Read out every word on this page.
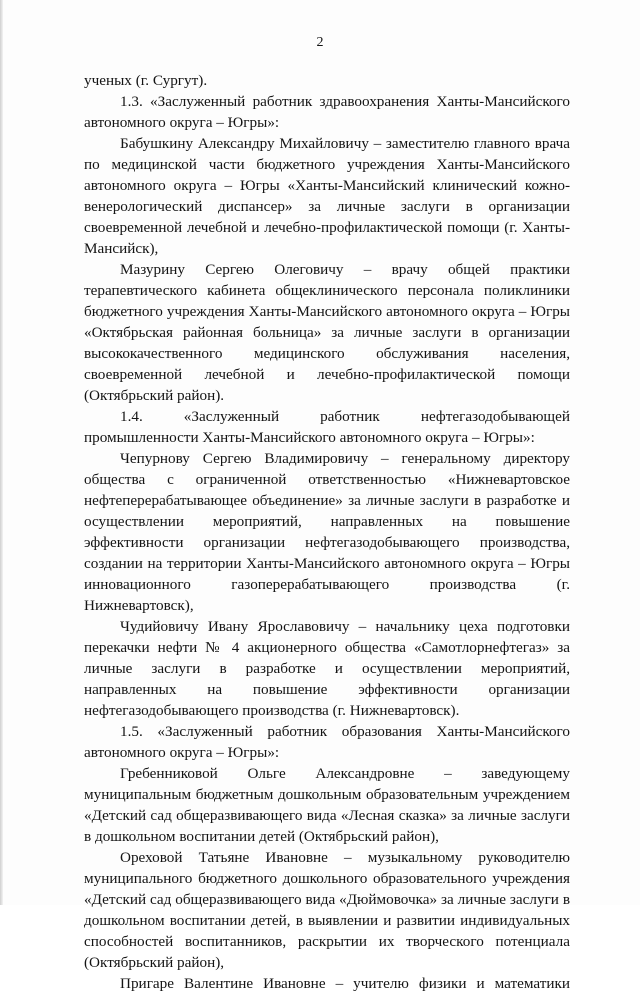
2

ученых (г. Сургут).

1.3. «Заслуженный работник здравоохранения Ханты-Мансийского автономного округа – Югры»:

Бабушкину Александру Михайловичу – заместителю главного врача по медицинской части бюджетного учреждения Ханты-Мансийского автономного округа – Югры «Ханты-Мансийский клинический кожно-венерологический диспансер» за личные заслуги в организации своевременной лечебной и лечебно-профилактической помощи (г. Ханты-Мансийск),

Мазурину Сергею Олеговичу – врачу общей практики терапевтического кабинета общеклинического персонала поликлиники бюджетного учреждения Ханты-Мансийского автономного округа – Югры «Октябрьская районная больница» за личные заслуги в организации высококачественного медицинского обслуживания населения, своевременной лечебной и лечебно-профилактической помощи (Октябрьский район).

1.4. «Заслуженный работник нефтегазодобывающей промышленности Ханты-Мансийского автономного округа – Югры»:

Чепурнову Сергею Владимировичу – генеральному директору общества с ограниченной ответственностью «Нижневартовское нефтеперерабатывающее объединение» за личные заслуги в разработке и осуществлении мероприятий, направленных на повышение эффективности организации нефтегазодобывающего производства, создании на территории Ханты-Мансийского автономного округа – Югры инновационного газоперерабатывающего производства (г. Нижневартовск),

Чудийовичу Ивану Ярославовичу – начальнику цеха подготовки перекачки нефти № 4 акционерного общества «Самотлорнефтегаз» за личные заслуги в разработке и осуществлении мероприятий, направленных на повышение эффективности организации нефтегазодобывающего производства (г. Нижневартовск).

1.5. «Заслуженный работник образования Ханты-Мансийского автономного округа – Югры»:

Гребенниковой Ольге Александровне – заведующему муниципальным бюджетным дошкольным образовательным учреждением «Детский сад общеразвивающего вида «Лесная сказка» за личные заслуги в дошкольном воспитании детей (Октябрьский район),

Ореховой Татьяне Ивановне – музыкальному руководителю муниципального бюджетного дошкольного образовательного учреждения «Детский сад общеразвивающего вида «Дюймовочка» за личные заслуги в дошкольном воспитании детей, в выявлении и развитии индивидуальных способностей воспитанников, раскрытии их творческого потенциала (Октябрьский район),

Пригаре Валентине Ивановне – учителю физики и математики
